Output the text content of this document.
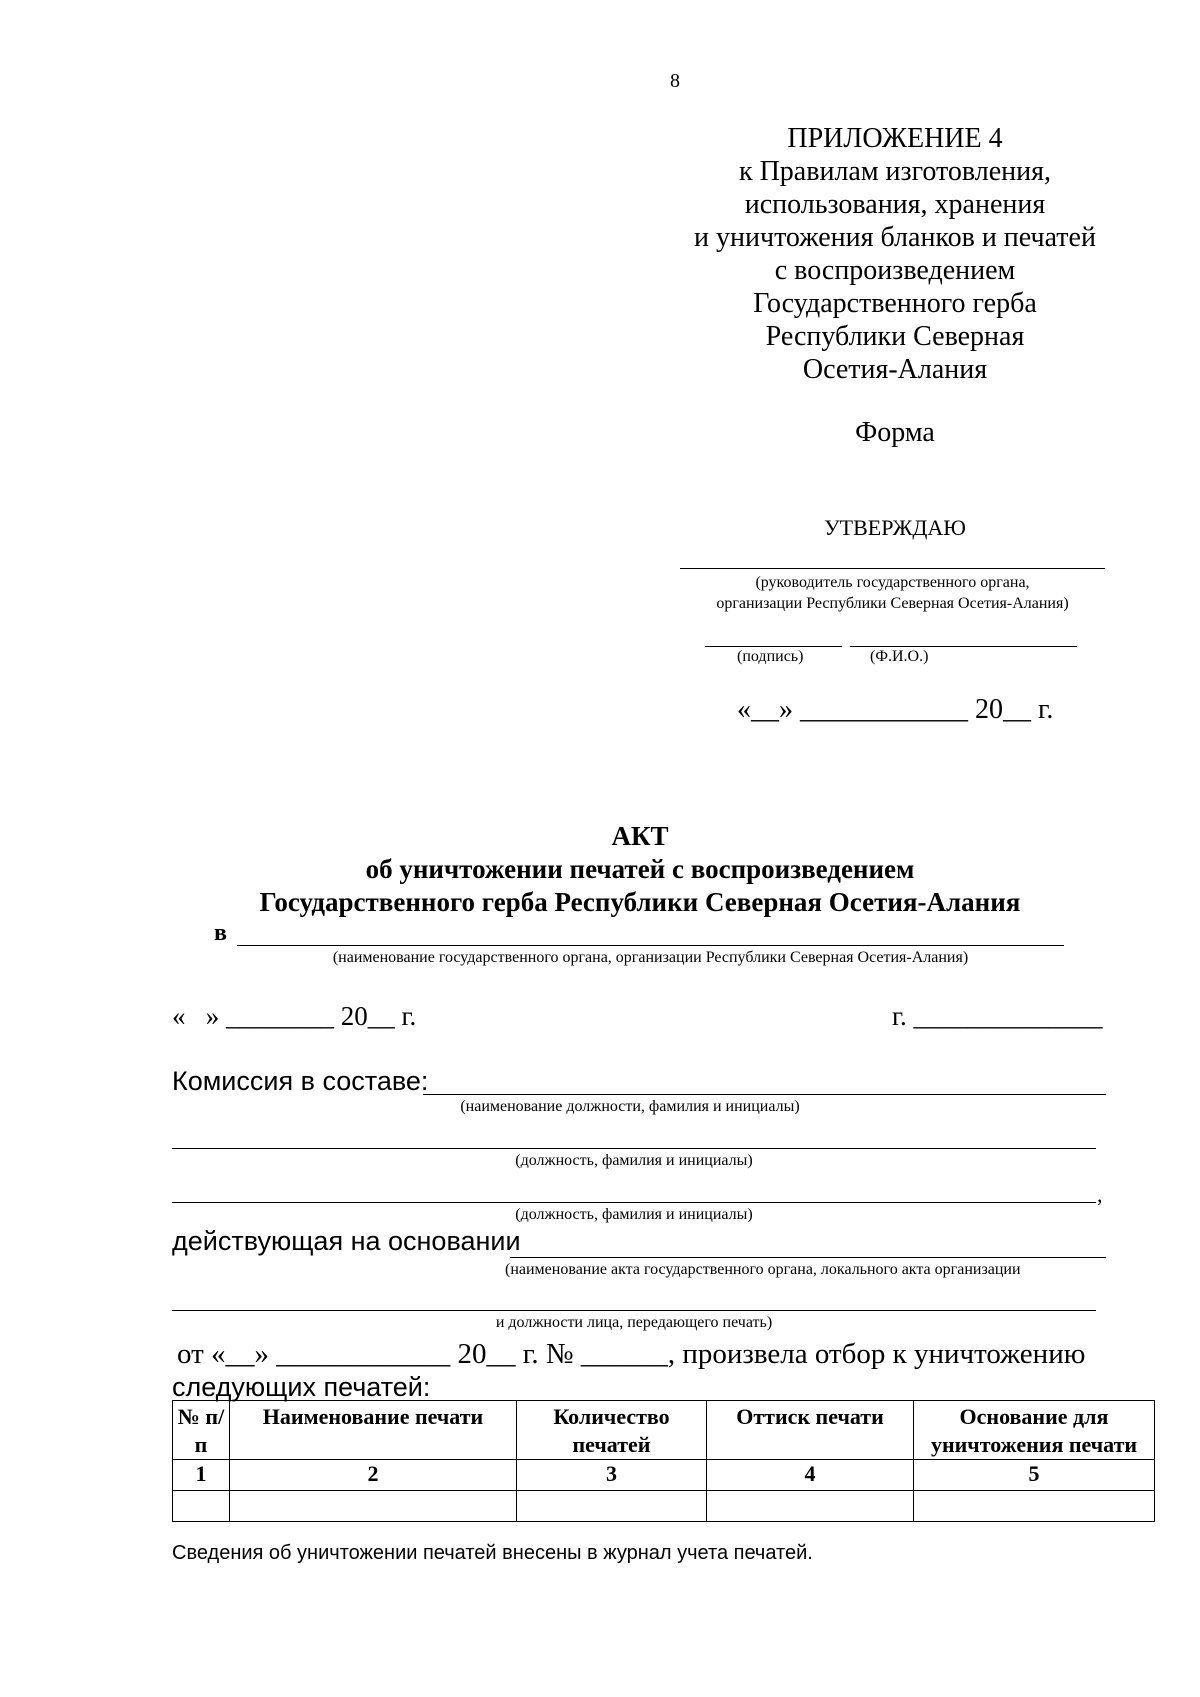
8
ПРИЛОЖЕНИЕ 4
к Правилам изготовления,
использования, хранения
и уничтожения бланков и печатей
с воспроизведением
Государственного герба
Республики Северная
Осетия-Алания
Форма
УТВЕРЖДАЮ
(руководитель государственного органа,
организации Республики Северная Осетия-Алания)
(подпись)	(Ф.И.О.)
«__» ____________ 20__ г.
АКТ
об уничтожении печатей с воспроизведением
Государственного герба Республики Северная Осетия-Алания
в
(наименование государственного органа, организации Республики Северная Осетия-Алания)
«   » ________ 20__ г.	г. ______________
Комиссия в составе:
(наименование должности, фамилия и инициалы)
(должность, фамилия и инициалы)
,
(должность, фамилия и инициалы)
действующая на основании
(наименование акта государственного органа, локального акта организации
и должности лица, передающего печать)
от «__» ____________ 20__ г. № ______, произвела отбор к уничтожению
следующих печатей:
№ п/п	Наименование печати	Количество печатей	Оттиск печати	Основание для уничтожения печати
1	2	3	4	5

Сведения об уничтожении печатей внесены в журнал учета печатей.
